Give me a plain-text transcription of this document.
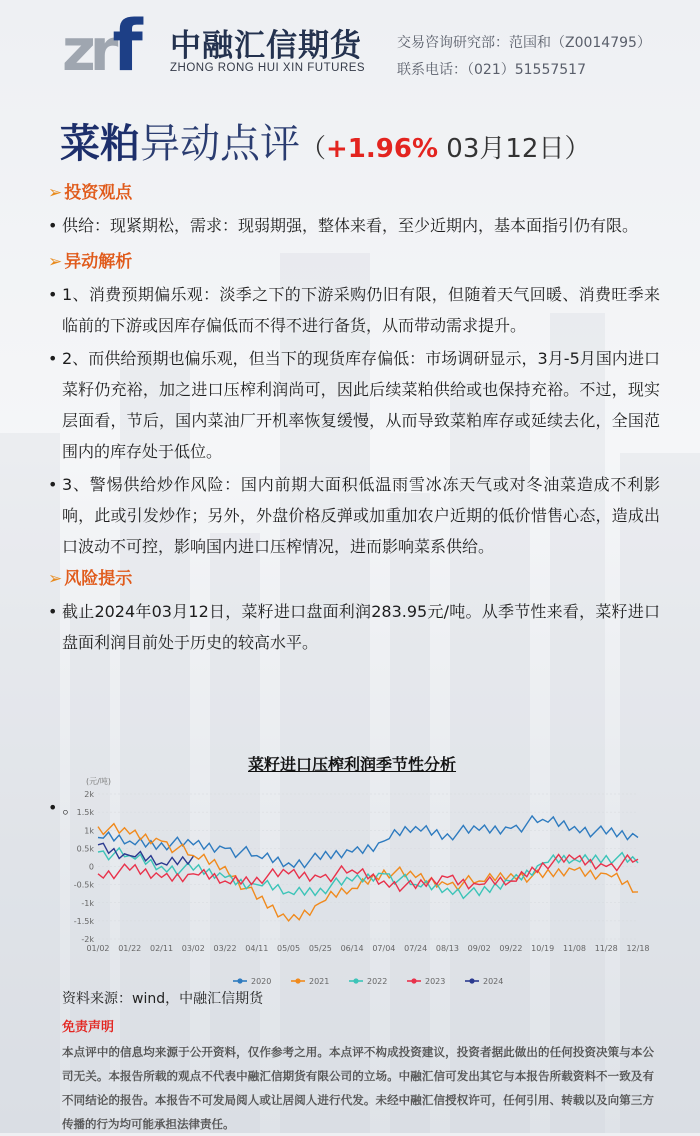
zrf	中融汇信期货
ZHONG RONG HUI XIN FUTURES
交易咨询研究部：范国和（Z0014795）
联系电话：（021）51557517
菜粕异动点评（+1.96% 03月12日）
➢ 投资观点
• 供给：现紧期松，需求：现弱期强，整体来看，至少近期内，基本面指引仍有限。
➢ 异动解析
• 1、消费预期偏乐观：淡季之下的下游采购仍旧有限，但随着天气回暖、消费旺季来临前的下游或因库存偏低而不得不进行备货，从而带动需求提升。
• 2、而供给预期也偏乐观，但当下的现货库存偏低：市场调研显示，3月-5月国内进口菜籽仍充裕，加之进口压榨利润尚可，因此后续菜粕供给或也保持充裕。不过，现实层面看，节后，国内菜油厂开机率恢复缓慢，从而导致菜粕库存或延续去化，全国范围内的库存处于低位。
• 3、警惕供给炒作风险：国内前期大面积低温雨雪冰冻天气或对冬油菜造成不利影响，此或引发炒作；另外，外盘价格反弹或加重加农户近期的低价惜售心态，造成出口波动不可控，影响国内进口压榨情况，进而影响菜系供给。
➢ 风险提示
• 截止2024年03月12日，菜籽进口盘面利润283.95元/吨。从季节性来看，菜籽进口盘面利润目前处于历史的较高水平。
• 。
菜籽进口压榨利润季节性分析
(元/吨)
2k
1.5k
1k
0.5k
0
-0.5k
-1k
-1.5k
-2k
01/02 01/22 02/11 03/02 03/22 04/11 05/05 05/25 06/14 07/04 07/24 08/13 09/02 09/22 10/19 11/08 11/28 12/18
2020	2021	2022	2023	2024
资料来源：wind，中融汇信期货
免责声明
本点评中的信息均来源于公开资料，仅作参考之用。本点评不构成投资建议，投资者据此做出的任何投资决策与本公司无关。本报告所载的观点不代表中融汇信期货有限公司的立场。中融汇信可发出其它与本报告所载资料不一致及有不同结论的报告。本报告不可发局阅人或让居阅人进行代发。未经中融汇信授权许可，任何引用、转载以及向第三方传播的行为均可能承担法律责任。
